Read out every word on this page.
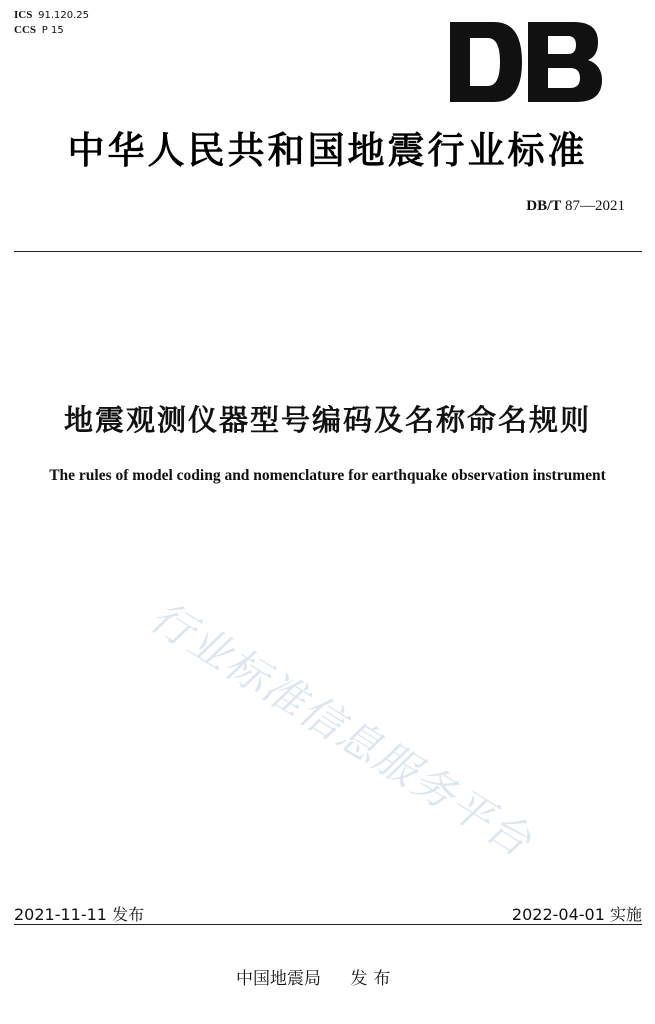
ICS 91.120.25
CCS P 15
中华人民共和国地震行业标准
DB/T 87—2021
地震观测仪器型号编码及名称命名规则
The rules of model coding and nomenclature for earthquake observation instrument
行业标准信息服务平台
2021-11-11 发布	2022-04-01 实施
中国地震局 发布
